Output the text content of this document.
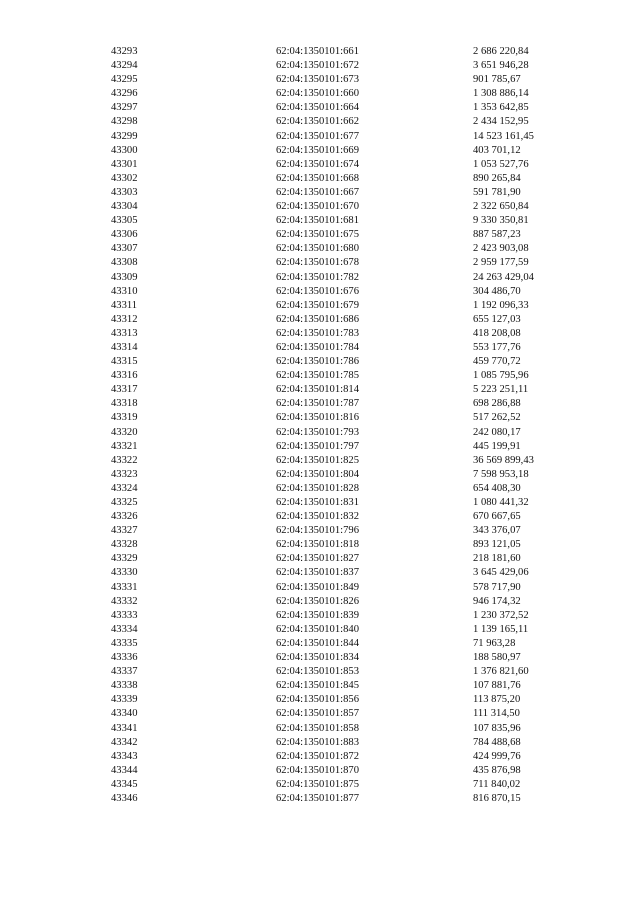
43293	62:04:1350101:661	2 686 220,84
43294	62:04:1350101:672	3 651 946,28
43295	62:04:1350101:673	901 785,67
43296	62:04:1350101:660	1 308 886,14
43297	62:04:1350101:664	1 353 642,85
43298	62:04:1350101:662	2 434 152,95
43299	62:04:1350101:677	14 523 161,45
43300	62:04:1350101:669	403 701,12
43301	62:04:1350101:674	1 053 527,76
43302	62:04:1350101:668	890 265,84
43303	62:04:1350101:667	591 781,90
43304	62:04:1350101:670	2 322 650,84
43305	62:04:1350101:681	9 330 350,81
43306	62:04:1350101:675	887 587,23
43307	62:04:1350101:680	2 423 903,08
43308	62:04:1350101:678	2 959 177,59
43309	62:04:1350101:782	24 263 429,04
43310	62:04:1350101:676	304 486,70
43311	62:04:1350101:679	1 192 096,33
43312	62:04:1350101:686	655 127,03
43313	62:04:1350101:783	418 208,08
43314	62:04:1350101:784	553 177,76
43315	62:04:1350101:786	459 770,72
43316	62:04:1350101:785	1 085 795,96
43317	62:04:1350101:814	5 223 251,11
43318	62:04:1350101:787	698 286,88
43319	62:04:1350101:816	517 262,52
43320	62:04:1350101:793	242 080,17
43321	62:04:1350101:797	445 199,91
43322	62:04:1350101:825	36 569 899,43
43323	62:04:1350101:804	7 598 953,18
43324	62:04:1350101:828	654 408,30
43325	62:04:1350101:831	1 080 441,32
43326	62:04:1350101:832	670 667,65
43327	62:04:1350101:796	343 376,07
43328	62:04:1350101:818	893 121,05
43329	62:04:1350101:827	218 181,60
43330	62:04:1350101:837	3 645 429,06
43331	62:04:1350101:849	578 717,90
43332	62:04:1350101:826	946 174,32
43333	62:04:1350101:839	1 230 372,52
43334	62:04:1350101:840	1 139 165,11
43335	62:04:1350101:844	71 963,28
43336	62:04:1350101:834	188 580,97
43337	62:04:1350101:853	1 376 821,60
43338	62:04:1350101:845	107 881,76
43339	62:04:1350101:856	113 875,20
43340	62:04:1350101:857	111 314,50
43341	62:04:1350101:858	107 835,96
43342	62:04:1350101:883	784 488,68
43343	62:04:1350101:872	424 999,76
43344	62:04:1350101:870	435 876,98
43345	62:04:1350101:875	711 840,02
43346	62:04:1350101:877	816 870,15
